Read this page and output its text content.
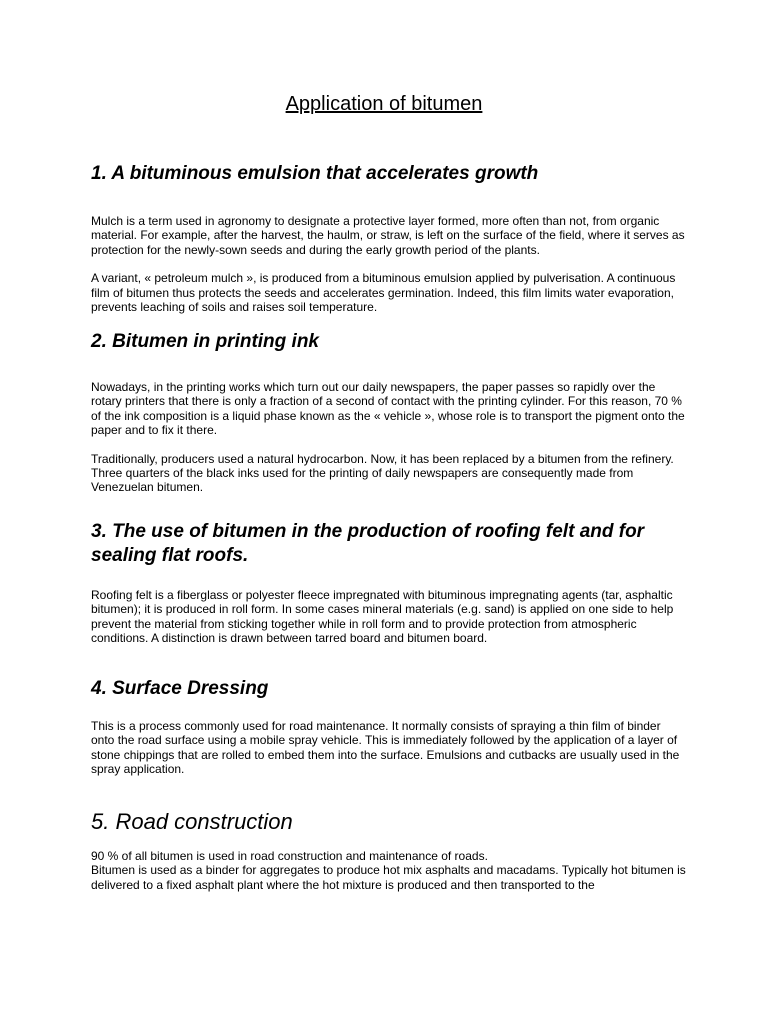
Application of bitumen
1. A bituminous emulsion that accelerates growth

Mulch is a term used in agronomy to designate a protective layer formed, more often than not, from organic material. For example, after the harvest, the haulm, or straw, is left on the surface of the field, where it serves as protection for the newly-sown seeds and during the early growth period of the plants.

A variant, « petroleum mulch », is produced from a bituminous emulsion applied by pulverisation. A continuous film of bitumen thus protects the seeds and accelerates germination. Indeed, this film limits water evaporation, prevents leaching of soils and raises soil temperature.

2. Bitumen in printing ink

Nowadays, in the printing works which turn out our daily newspapers, the paper passes so rapidly over the rotary printers that there is only a fraction of a second of contact with the printing cylinder. For this reason, 70 % of the ink composition is a liquid phase known as the « vehicle », whose role is to transport the pigment onto the paper and to fix it there.

Traditionally, producers used a natural hydrocarbon. Now, it has been replaced by a bitumen from the refinery. Three quarters of the black inks used for the printing of daily newspapers are consequently made from Venezuelan bitumen.

3. The use of bitumen in the production of roofing felt and for sealing flat roofs.

Roofing felt is a fiberglass or polyester fleece impregnated with bituminous impregnating agents (tar, asphaltic bitumen); it is produced in roll form. In some cases mineral materials (e.g. sand) is applied on one side to help prevent the material from sticking together while in roll form and to provide protection from atmospheric conditions. A distinction is drawn between tarred board and bitumen board.

4. Surface Dressing

This is a process commonly used for road maintenance. It normally consists of spraying a thin film of binder onto the road surface using a mobile spray vehicle. This is immediately followed by the application of a layer of stone chippings that are rolled to embed them into the surface. Emulsions and cutbacks are usually used in the spray application.

5. Road construction

90 % of all bitumen is used in road construction and maintenance of roads.

Bitumen is used as a binder for aggregates to produce hot mix asphalts and macadams. Typically hot bitumen is delivered to a fixed asphalt plant where the hot mixture is produced and then transported to the
